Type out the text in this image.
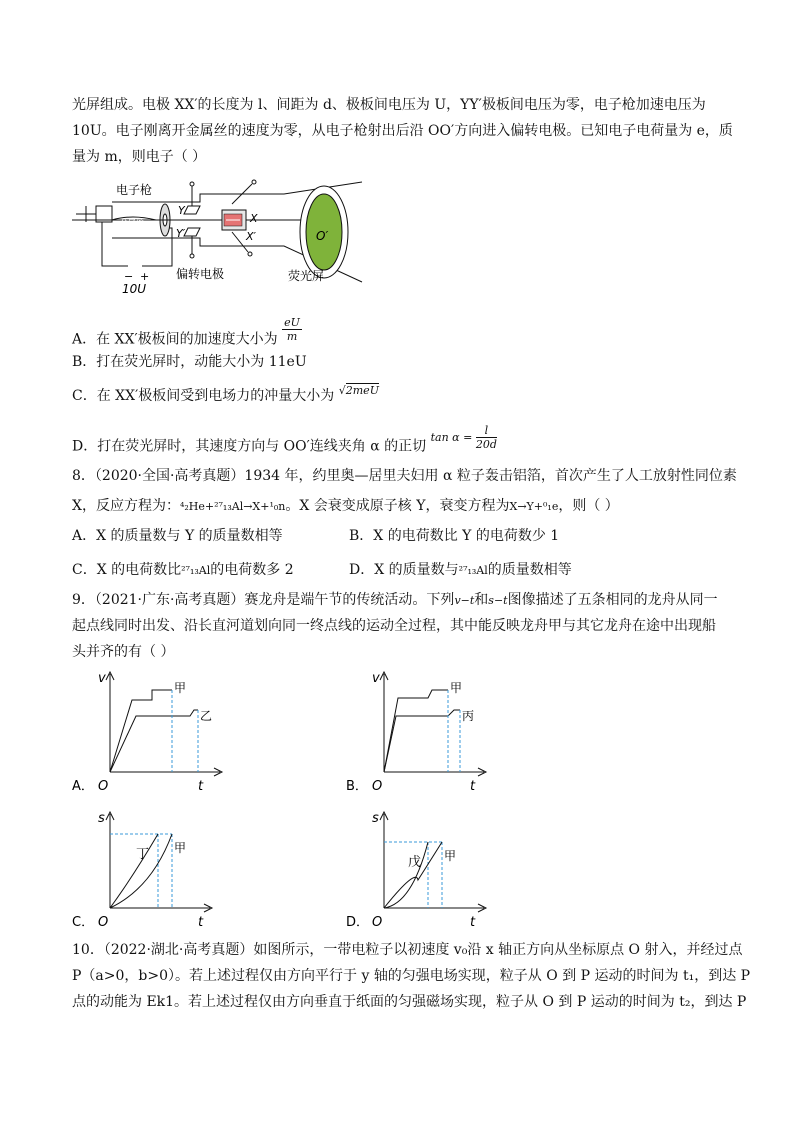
光屏组成。电极 XX′的长度为 l、间距为 d、极板间电压为 U，YY′极板间电压为零，电子枪加速电压为
10U。电子刚离开金属丝的速度为零，从电子枪射出后沿 OO′方向进入偏转电极。已知电子电荷量为 e，质
量为 m，则电子（ ）
电子枪
金属丝
Y
Y′
X
X′	O′
偏转电极	荧光屏
− +
10U
A．在 XX′极板间的加速度大小为 $\frac{eU}{m}$
B．打在荧光屏时，动能大小为 11eU
C．在 XX′极板间受到电场力的冲量大小为 $^{√2meU}$
D．打在荧光屏时，其速度方向与 OO′连线夹角 α 的正切 $^{tan \alpha = \frac{l}{20d}}$
8．（2020·全国·高考真题）1934 年，约里奥—居里夫妇用 α 粒子轰击铝箔，首次产生了人工放射性同位素
X，反应方程为：⁴₂He+²⁷₁₃Al→X+¹₀n。X 会衰变成原子核 Y，衰变方程为X→Y+⁰₁e，则（ ）
A．X 的质量数与 Y 的质量数相等	B．X 的电荷数比 Y 的电荷数少 1
C．X 的电荷数比²⁷₁₃Al的电荷数多 2	D．X 的质量数与²⁷₁₃Al的质量数相等
9．（2021·广东·高考真题）赛龙舟是端午节的传统活动。下列v−t和s−t图像描述了五条相同的龙舟从同一
起点线同时出发、沿长直河道划向同一终点线的运动全过程，其中能反映龙舟甲与其它龙舟在途中出现船
头并齐的有（ ）
A．
v
t
O
甲
乙
B．
v
t
O
甲
丙
C．
s
t
O
丁 甲
D．
s
t
O
戊 甲
10．（2022·湖北·高考真题）如图所示，一带电粒子以初速度 v₀沿 x 轴正方向从坐标原点 O 射入，并经过点
P（a>0，b>0）。若上述过程仅由方向平行于 y 轴的匀强电场实现，粒子从 O 到 P 运动的时间为 t₁，到达 P
点的动能为 Ek1。若上述过程仅由方向垂直于纸面的匀强磁场实现，粒子从 O 到 P 运动的时间为 t₂，到达 P
